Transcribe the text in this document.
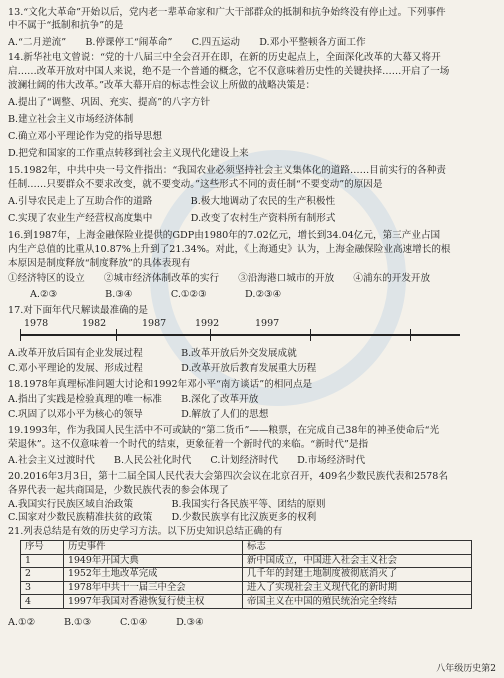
13.“文化大革命”开始以后，党内老一辈革命家和广大干部群众的抵制和抗争始终没有停止过。下列事件
中不属于“抵制和抗争”的是
A.“二月逆流”　　B.停课停工“闹革命”　　C.四五运动　　D.邓小平整顿各方面工作
14.新华社电文曾说：“党的十八届三中全会召开在即，在新的历史起点上，全面深化改革的大幕又将开
启……改革开放对中国人来说，绝不是一个普通的概念，它不仅意味着历史性的关键抉择……开启了一场
波澜壮阔的伟大改革。”改革大幕开启的标志性会议上所做的战略决策是：
A.提出了“调整、巩固、充实、提高”的八字方针
B.建立社会主义市场经济体制
C.确立邓小平理论作为党的指导思想
D.把党和国家的工作重点转移到社会主义现代化建设上来
15.1982年，中共中央一号文件指出：“我国农业必须坚持社会主义集体化的道路……目前实行的各种责
任制……只要群众不要求改变，就不要变动。”这些形式不同的责任制“不要变动”的原因是
A.引导农民走上了互助合作的道路　　　　B.极大地调动了农民的生产积极性
C.实现了农业生产经营权高度集中　　　　D.改变了农村生产资料所有制形式
16.到1987年，上海金融保险业提供的GDP由1980年的7.02亿元，增长到34.04亿元，第三产业占国
内生产总值的比重从10.87%上升到了21.34%。对此，《上海通史》认为，上海金融保险业高速增长的根
本原因是制度释放“制度释放”的具体表现有
①经济特区的设立　　②城市经济体制改革的实行　　③沿海港口城市的开放　　④浦东的开发开放
A.②③　　　　　B.③④　　　　C.①②③　　　　D.②③④
17.对下面年代尺解读最准确的是
1978	1982	1987	1992	1997
A.改革开放后国有企业发展过程　　　　B.改革开放后外交发展成就
C.邓小平理论的发展、形成过程　　　　D.改革开放后教育发展重大历程
18.1978年真理标准问题大讨论和1992年邓小平“南方谈话”的相同点是
A.指出了实践是检验真理的唯一标准　　B.深化了改革开放
C.巩固了以邓小平为核心的领导　　　　D.解放了人们的思想
19.1993年，作为我国人民生活中不可或缺的“第二货币”——粮票，在完成自己38年的神圣使命后“光
荣退休”。这不仅意味着一个时代的结束，更象征着一个新时代的来临。“新时代”是指
A.社会主义过渡时代　　B.人民公社化时代　　C.计划经济时代　　D.市场经济时代
20.2016年3月3日，第十二届全国人民代表大会第四次会议在北京召开，409名少数民族代表和2578名
各界代表一起共商国是，少数民族代表的参会体现了
A.我国实行民族区域自治政策　　　　B.我国实行各民族平等、团结的原则
C.国家对少数民族精准扶贫的政策　　D.少数民族享有比汉族更多的权利
21.列表总结是有效的历史学习方法。以下历史知识总结正确的有
序号	历史事件	标志
1	1949年开国大典	新中国成立，中国进入社会主义社会
2	1952年土地改革完成	几千年的封建土地制度被彻底消灭了
3	1978年中共十一届三中全会	进入了实现社会主义现代化的新时期
4	1997年我国对香港恢复行使主权	帝国主义在中国的殖民统治完全终结
A.①②　　　B.①③　　　C.①④　　　D.③④
八年级历史第2
